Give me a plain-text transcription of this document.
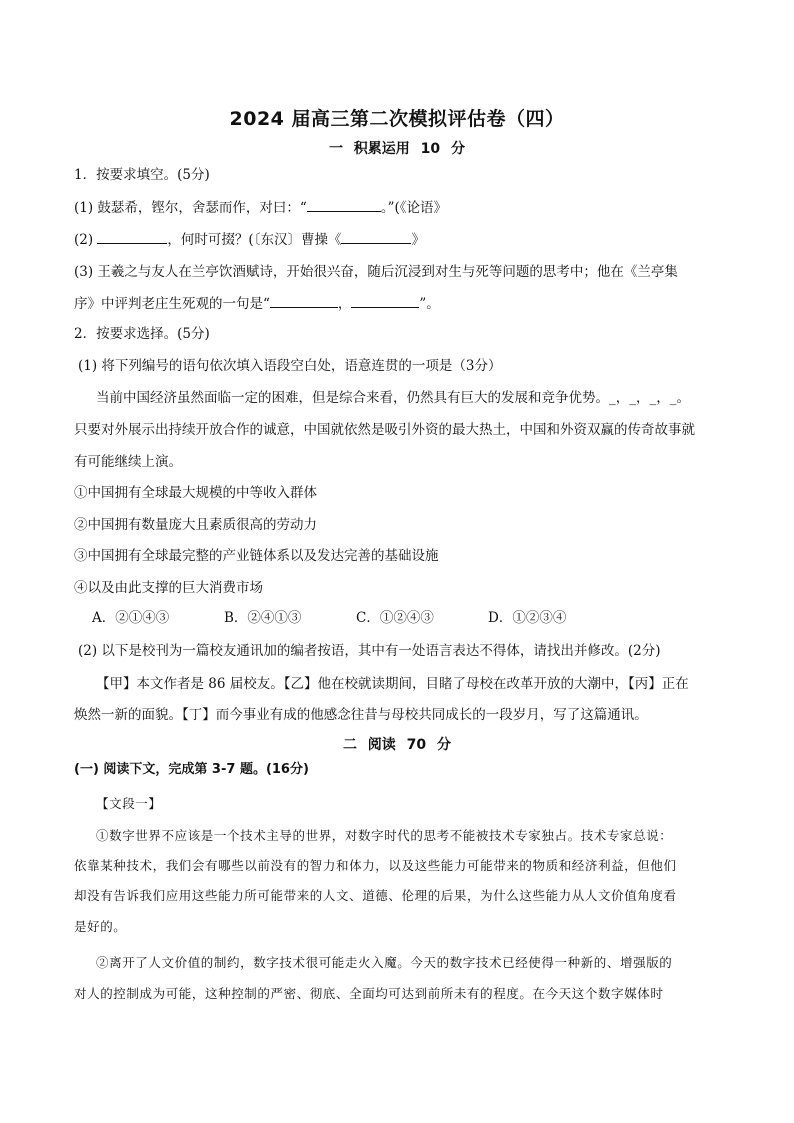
2024 届高三第二次模拟评估卷（四）
一 积累运用 10 分
1．按要求填空。(5分)
(1) 鼓瑟希，铿尔，舍瑟而作，对曰：“	。”(《论语》
(2)	，何时可掇？(〔东汉〕曹操《	》
(3) 王羲之与友人在兰亭饮酒赋诗，开始很兴奋，随后沉浸到对生与死等问题的思考中；他在《兰亭集
序》中评判老庄生死观的一句是“	，	”。
2．按要求选择。(5分)
(1) 将下列编号的语句依次填入语段空白处，语意连贯的一项是（3分）
当前中国经济虽然面临一定的困难，但是综合来看，仍然具有巨大的发展和竞争优势。_，_，_，_。
只要对外展示出持续开放合作的诚意，中国就依然是吸引外资的最大热土，中国和外资双赢的传奇故事就
有可能继续上演。
①中国拥有全球最大规模的中等收入群体
②中国拥有数量庞大且素质很高的劳动力
③中国拥有全球最完整的产业链体系以及发达完善的基础设施
④以及由此支撑的巨大消费市场
A．②①④③	B．②④①③	C．①②④③	D．①②③④
(2) 以下是校刊为一篇校友通讯加的编者按语，其中有一处语言表达不得体，请找出并修改。(2分)
【甲】本文作者是 86 届校友。【乙】他在校就读期间，目睹了母校在改革开放的大潮中，【丙】正在
焕然一新的面貌。【丁】而今事业有成的他感念往昔与母校共同成长的一段岁月，写了这篇通讯。
二 阅读 70 分
(一) 阅读下文，完成第 3-7 题。(16分)
【文段一】
①数字世界不应该是一个技术主导的世界，对数字时代的思考不能被技术专家独占。技术专家总说：
依靠某种技术，我们会有哪些以前没有的智力和体力，以及这些能力可能带来的物质和经济利益，但他们
却没有告诉我们应用这些能力所可能带来的人文、道德、伦理的后果，为什么这些能力从人文价值角度看
是好的。
②离开了人文价值的制约，数字技术很可能走火入魔。今天的数字技术已经使得一种新的、增强版的
对人的控制成为可能，这种控制的严密、彻底、全面均可达到前所未有的程度。在今天这个数字媒体时
